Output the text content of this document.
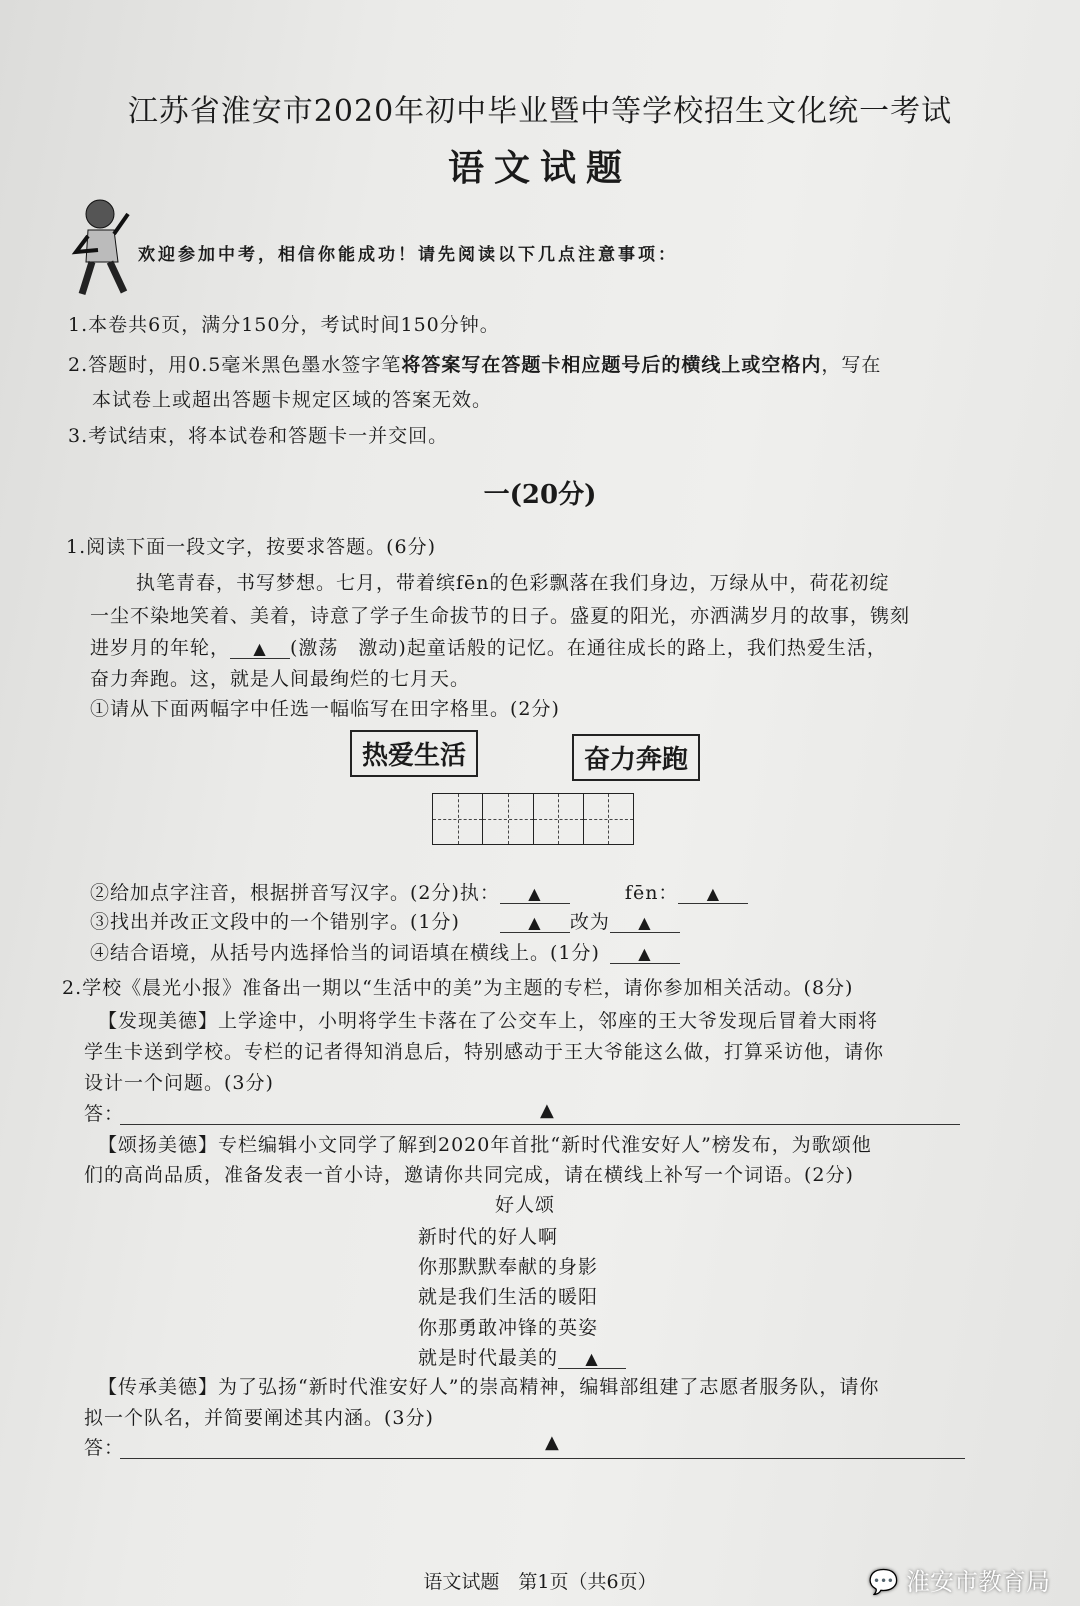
江苏省淮安市2020年初中毕业暨中等学校招生文化统一考试
语文试题
欢迎参加中考，相信你能成功！请先阅读以下几点注意事项：
1.本卷共6页，满分150分，考试时间150分钟。
2.答题时，用0.5毫米黑色墨水签字笔将答案写在答题卡相应题号后的横线上或空格内，写在
本试卷上或超出答题卡规定区域的答案无效。
3.考试结束，将本试卷和答题卡一并交回。
一(20分)
1.阅读下面一段文字，按要求答题。(6分)
执笔青春，书写梦想。七月，带着缤fēn的色彩飘落在我们身边，万绿从中，荷花初绽
一尘不染地笑着、美着，诗意了学子生命拔节的日子。盛夏的阳光，亦洒满岁月的故事，镌刻
进岁月的年轮， ▲ (激荡　激动)起童话般的记忆。在通往成长的路上，我们热爱生活，
奋力奔跑。这，就是人间最绚烂的七月天。
①请从下面两幅字中任选一幅临写在田字格里。(2分)
热爱生活	奋力奔跑
②给加点字注音，根据拼音写汉字。(2分)执： ▲	fēn： ▲
③找出并改正文段中的一个错别字。(1分)	▲ 改为 ▲
④结合语境，从括号内选择恰当的词语填在横线上。(1分) ▲
2.学校《晨光小报》准备出一期以“生活中的美”为主题的专栏，请你参加相关活动。(8分)
【发现美德】上学途中，小明将学生卡落在了公交车上，邻座的王大爷发现后冒着大雨将
学生卡送到学校。专栏的记者得知消息后，特别感动于王大爷能这么做，打算采访他，请你
设计一个问题。(3分)
答：	▲
【颂扬美德】专栏编辑小文同学了解到2020年首批“新时代淮安好人”榜发布，为歌颂他
们的高尚品质，准备发表一首小诗，邀请你共同完成，请在横线上补写一个词语。(2分)
好人颂
新时代的好人啊
你那默默奉献的身影
就是我们生活的暖阳
你那勇敢冲锋的英姿
就是时代最美的 ▲
【传承美德】为了弘扬“新时代淮安好人”的崇高精神，编辑部组建了志愿者服务队，请你
拟一个队名，并简要阐述其内涵。(3分)
答：	▲
语文试题　第1页（共6页）	💬 淮安市教育局
